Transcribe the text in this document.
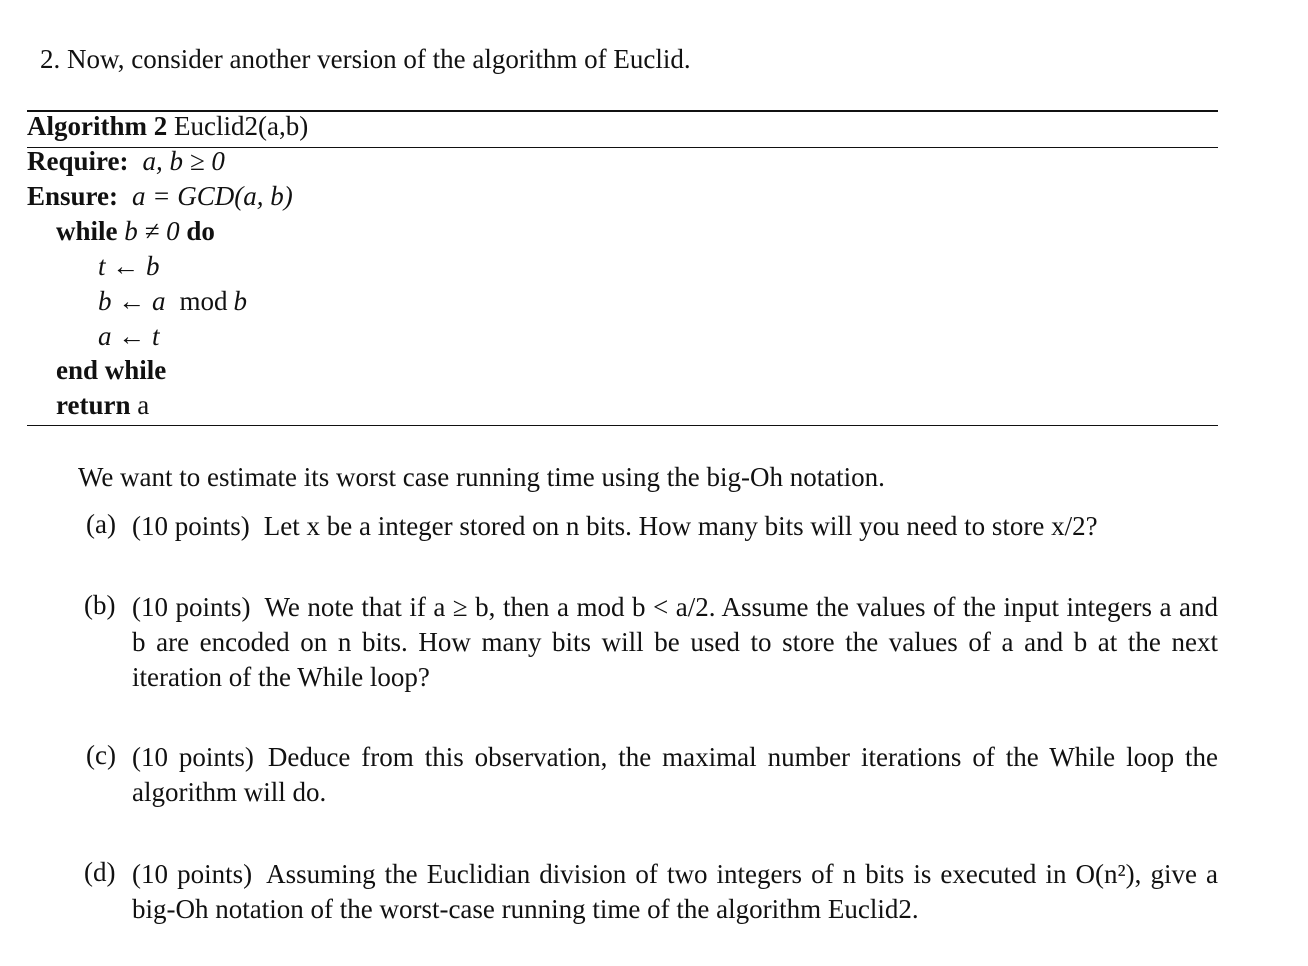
2. Now, consider another version of the algorithm of Euclid.
Algorithm 2 Euclid2(a,b)
Require: a, b ≥ 0
Ensure: a = GCD(a, b)
while b ≠ 0 do
t ← b
b ← a mod b
a ← t
end while
return a
We want to estimate its worst case running time using the big-Oh notation.
(a) (10 points) Let x be a integer stored on n bits. How many bits will you need to store x/2?
(b) (10 points) We note that if a ≥ b, then a mod b < a/2. Assume the values of the input integers a and b are encoded on n bits. How many bits will be used to store the values of a and b at the next iteration of the While loop?
(c) (10 points) Deduce from this observation, the maximal number iterations of the While loop the algorithm will do.
(d) (10 points) Assuming the Euclidian division of two integers of n bits is executed in O(n²), give a big-Oh notation of the worst-case running time of the algorithm Euclid2.
